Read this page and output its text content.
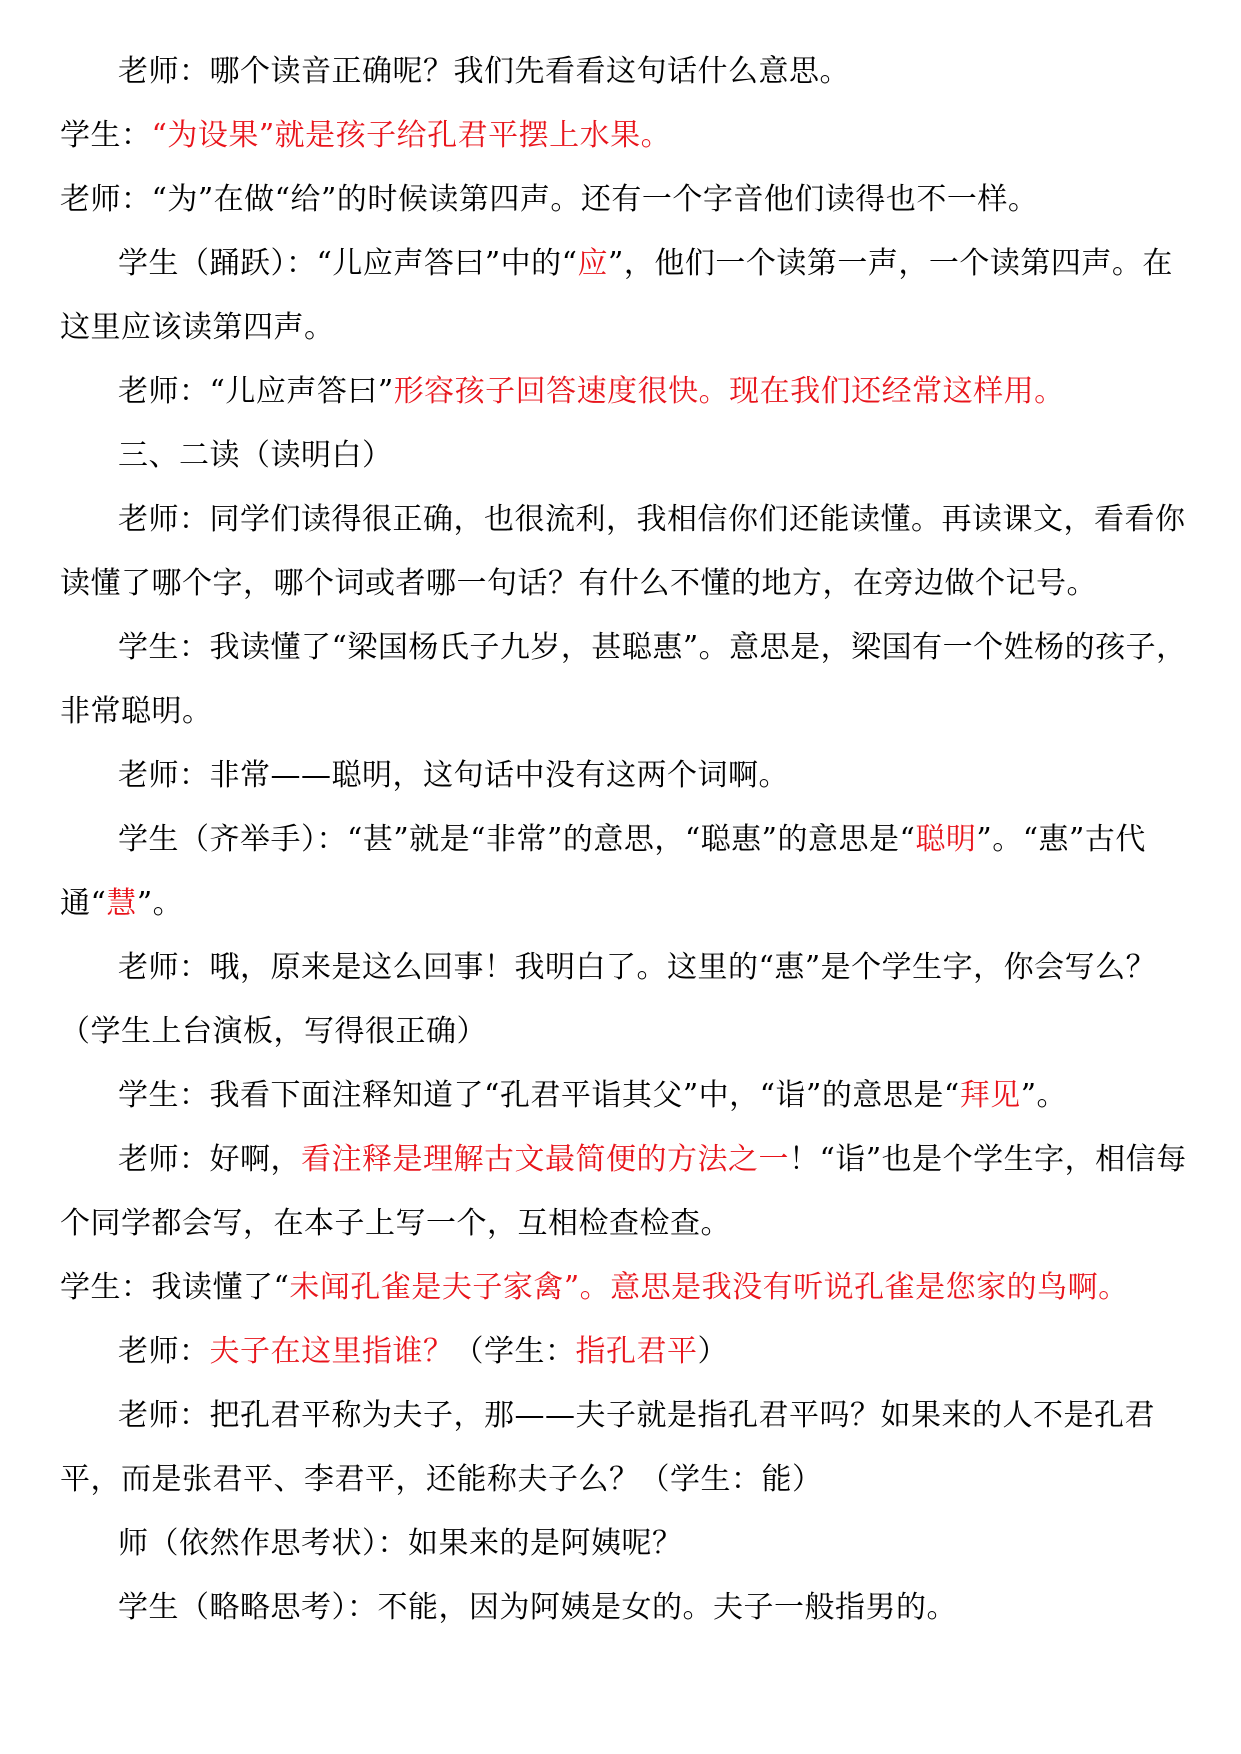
老师：哪个读音正确呢？我们先看看这句话什么意思。

学生：“为设果”就是孩子给孔君平摆上水果。

老师：“为”在做“给”的时候读第四声。还有一个字音他们读得也不一样。

学生（踊跃）：“儿应声答曰”中的“应”，他们一个读第一声，一个读第四声。在这里应该读第四声。

老师：“儿应声答曰”形容孩子回答速度很快。现在我们还经常这样用。

三、二读（读明白）

老师：同学们读得很正确，也很流利，我相信你们还能读懂。再读课文，看看你读懂了哪个字，哪个词或者哪一句话？有什么不懂的地方，在旁边做个记号。

学生：我读懂了“梁国杨氏子九岁，甚聪惠”。意思是，梁国有一个姓杨的孩子，非常聪明。

老师：非常——聪明，这句话中没有这两个词啊。

学生（齐举手）：“甚”就是“非常”的意思，“聪惠”的意思是“聪明”。“惠”古代通“慧”。

老师：哦，原来是这么回事！我明白了。这里的“惠”是个学生字，你会写么？（学生上台演板，写得很正确）

学生：我看下面注释知道了“孔君平诣其父”中，“诣”的意思是“拜见”。

老师：好啊，看注释是理解古文最简便的方法之一！“诣”也是个学生字，相信每个同学都会写，在本子上写一个，互相检查检查。

学生：我读懂了“未闻孔雀是夫子家禽”。意思是我没有听说孔雀是您家的鸟啊。

老师：夫子在这里指谁？（学生：指孔君平）

老师：把孔君平称为夫子，那——夫子就是指孔君平吗？如果来的人不是孔君平，而是张君平、李君平，还能称夫子么？（学生：能）

师（依然作思考状）：如果来的是阿姨呢？

学生（略略思考）：不能，因为阿姨是女的。夫子一般指男的。
